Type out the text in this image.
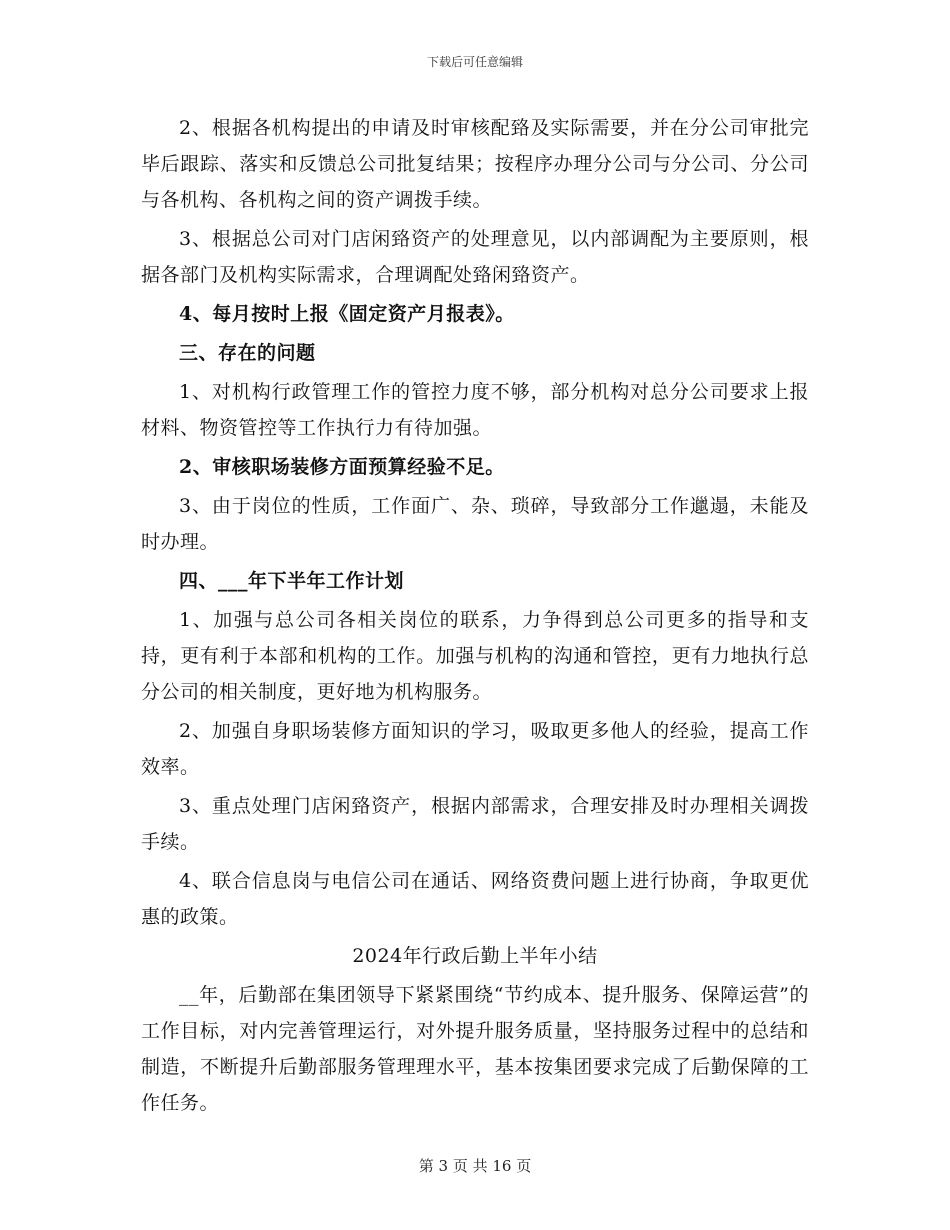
下载后可任意编辑

2、根据各机构提出的申请及时审核配臵及实际需要，并在分公司审批完毕后跟踪、落实和反馈总公司批复结果；按程序办理分公司与分公司、分公司与各机构、各机构之间的资产调拨手续。

3、根据总公司对门店闲臵资产的处理意见，以内部调配为主要原则，根据各部门及机构实际需求，合理调配处臵闲臵资产。

4、每月按时上报《固定资产月报表》。

三、存在的问题

1、对机构行政管理工作的管控力度不够，部分机构对总分公司要求上报材料、物资管控等工作执行力有待加强。

2、审核职场装修方面预算经验不足。

3、由于岗位的性质，工作面广、杂、琐碎，导致部分工作邋遢，未能及时办理。

四、___年下半年工作计划

1、加强与总公司各相关岗位的联系，力争得到总公司更多的指导和支持，更有利于本部和机构的工作。加强与机构的沟通和管控，更有力地执行总分公司的相关制度，更好地为机构服务。

2、加强自身职场装修方面知识的学习，吸取更多他人的经验，提高工作效率。

3、重点处理门店闲臵资产，根据内部需求，合理安排及时办理相关调拨手续。

4、联合信息岗与电信公司在通话、网络资费问题上进行协商，争取更优惠的政策。

2024年行政后勤上半年小结

__年，后勤部在集团领导下紧紧围绕“节约成本、提升服务、保障运营”的工作目标，对内完善管理运行，对外提升服务质量，坚持服务过程中的总结和制造，不断提升后勤部服务管理理水平，基本按集团要求完成了后勤保障的工作任务。

第 3 页 共 16 页
